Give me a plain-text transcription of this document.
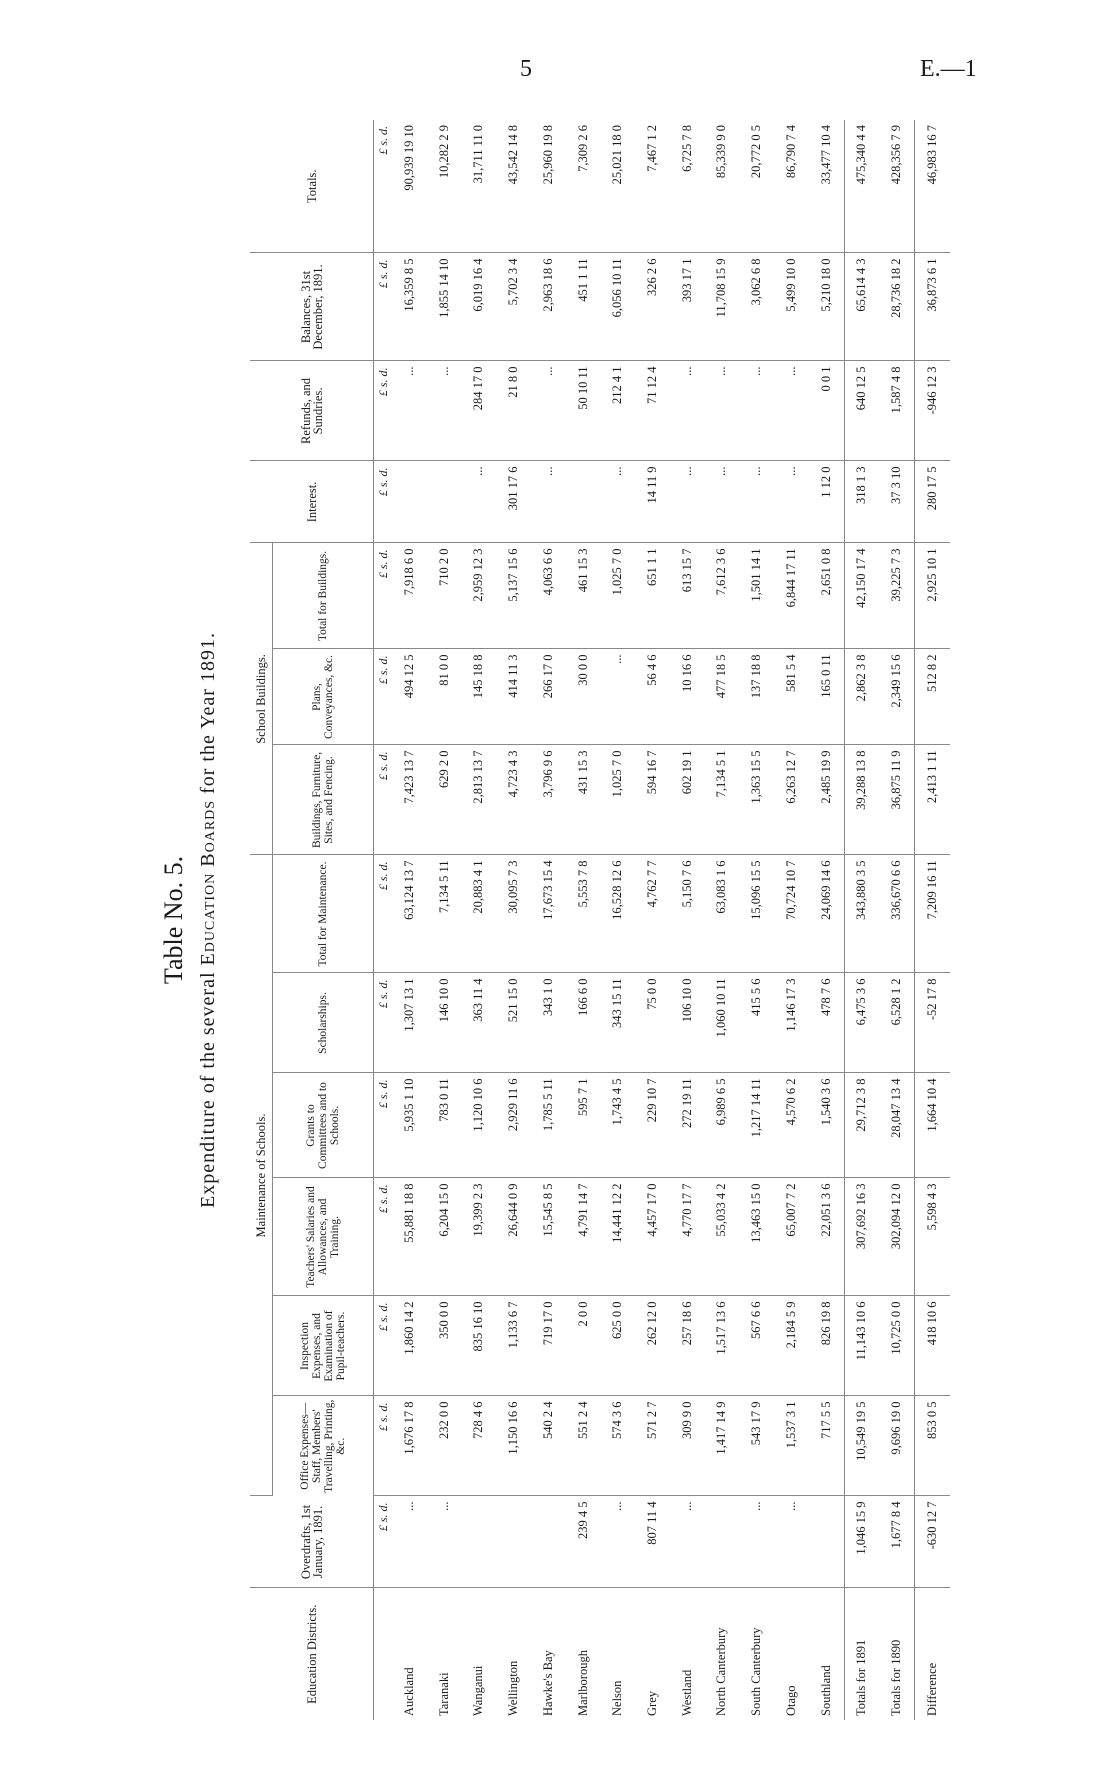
5	E.—1
Table No. 5.
Expenditure of the several Education Boards for the Year 1891.
Education Districts.	Overdrafts, 1st January, 1891.	Maintenance of Schools.						School Buildings.			Interest.	Refunds, and Sundries.	Balances, 31st December, 1891.	Totals.
		Office Expenses—Staff, Members' Travelling, Printing, &c.	Inspection Expenses, and Examination of Pupil-teachers.	Teachers' Salaries and Allowances, and Training.	Grants to Committees and to Schools.	Scholarships.	Total for Maintenance.	Buildings, Furniture, Sites, and Fencing.	Plans, Conveyances, &c.	Total for Buildings.				
	£ s. d.	£ s. d.	£ s. d.	£ s. d.	£ s. d.	£ s. d.	£ s. d.	£ s. d.	£ s. d.	£ s. d.	£ s. d.	£ s. d.	£ s. d.	£ s. d.
Auckland	...	1,676 17 8	1,860 14 2	55,881 18 8	5,935 1 10	1,307 13 1	63,124 13 7	7,423 13 7	494 12 5	7,918 6 0		...	16,359 8 5	90,939 19 10
Taranaki	...	232 0 0	350 0 0	6,204 15 0	783 0 11	146 10 0	7,134 5 11	629 2 0	81 0 0	710 2 0		...	1,855 14 10	10,282 2 9
Wanganui		728 4 6	835 16 10	19,399 2 3	1,120 10 6	363 11 4	20,883 4 1	2,813 13 7	145 18 8	2,959 12 3	...	284 17 0	6,019 16 4	31,711 11 0
Wellington		1,150 16 6	1,133 6 7	26,644 0 9	2,929 11 6	521 15 0	30,095 7 3	4,723 4 3	414 11 3	5,137 15 6	301 17 6	21 8 0	5,702 3 4	43,542 14 8
Hawke's Bay		540 2 4	719 17 0	15,545 8 5	1,785 5 11	343 1 0	17,673 15 4	3,796 9 6	266 17 0	4,063 6 6	...	...	2,963 18 6	25,960 19 8
Marlborough	239 4 5	551 2 4	2 0 0	4,791 14 7	595 7 1	166 6 0	5,553 7 8	431 15 3	30 0 0	461 15 3		50 10 11	451 1 11	7,309 2 6
Nelson	...	574 3 6	625 0 0	14,441 12 2	1,743 4 5	343 15 11	16,528 12 6	1,025 7 0	...	1,025 7 0	...	212 4 1	6,056 10 11	25,021 18 0
Grey	807 11 4	571 2 7	262 12 0	4,457 17 0	229 10 7	75 0 0	4,762 7 7	594 16 7	56 4 6	651 1 1	14 11 9	71 12 4	326 2 6	7,467 1 2
Westland	...	309 9 0	257 18 6	4,770 17 7	272 19 11	106 10 0	5,150 7 6	602 19 1	10 16 6	613 15 7	...	...	393 17 1	6,725 7 8
North Canterbury		1,417 14 9	1,517 13 6	55,033 4 2	6,989 6 5	1,060 10 11	63,083 1 6	7,134 5 1	477 18 5	7,612 3 6	...	...	11,708 15 9	85,339 9 0
South Canterbury	...	543 17 9	567 6 6	13,463 15 0	1,217 14 11	415 5 6	15,096 15 5	1,363 15 5	137 18 8	1,501 14 1	...	...	3,062 6 8	20,772 0 5
Otago	...	1,537 3 1	2,184 5 9	65,007 7 2	4,570 6 2	1,146 17 3	70,724 10 7	6,263 12 7	581 5 4	6,844 17 11	...	...	5,499 10 0	86,790 7 4
Southland		717 5 5	826 19 8	22,051 3 6	1,540 3 6	478 7 6	24,069 14 6	2,485 19 9	165 0 11	2,651 0 8	1 12 0	0 0 1	5,210 18 0	33,477 10 4
Totals for 1891	1,046 15 9	10,549 19 5	11,143 10 6	307,692 16 3	29,712 3 8	6,475 3 6	343,880 3 5	39,288 13 8	2,862 3 8	42,150 17 4	318 1 3	640 12 5	65,614 4 3	475,340 4 4
Totals for 1890	1,677 8 4	9,696 19 0	10,725 0 0	302,094 12 0	28,047 13 4	6,528 1 2	336,670 6 6	36,875 11 9	2,349 15 6	39,225 7 3	37 3 10	1,587 4 8	28,736 18 2	428,356 7 9
Difference	-630 12 7	853 0 5	418 10 6	5,598 4 3	1,664 10 4	-52 17 8	7,209 16 11	2,413 1 11	512 8 2	2,925 10 1	280 17 5	-946 12 3	36,873 6 1	46,983 16 7
